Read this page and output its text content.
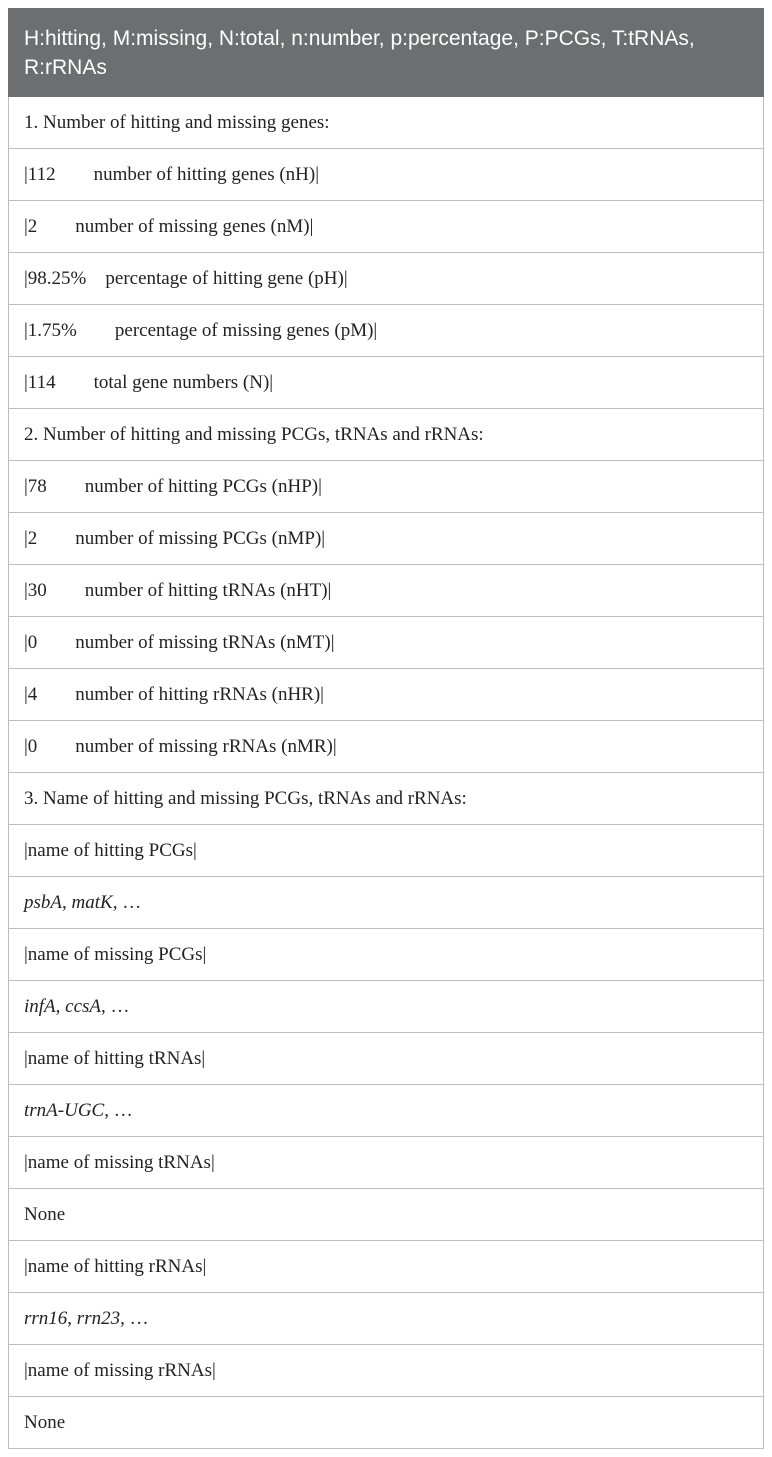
H:hitting, M:missing, N:total, n:number, p:percentage, P:PCGs, T:tRNAs, R:rRNAs
1. Number of hitting and missing genes:
|112        number of hitting genes (nH)|
|2        number of missing genes (nM)|
|98.25%    percentage of hitting gene (pH)|
|1.75%        percentage of missing genes (pM)|
|114        total gene numbers (N)|
2. Number of hitting and missing PCGs, tRNAs and rRNAs:
|78        number of hitting PCGs (nHP)|
|2        number of missing PCGs (nMP)|
|30        number of hitting tRNAs (nHT)|
|0        number of missing tRNAs (nMT)|
|4        number of hitting rRNAs (nHR)|
|0        number of missing rRNAs (nMR)|
3. Name of hitting and missing PCGs, tRNAs and rRNAs:
|name of hitting PCGs|
psbA, matK, …
|name of missing PCGs|
infA, ccsA, …
|name of hitting tRNAs|
trnA-UGC, …
|name of missing tRNAs|
None
|name of hitting rRNAs|
rrn16, rrn23, …
|name of missing rRNAs|
None
